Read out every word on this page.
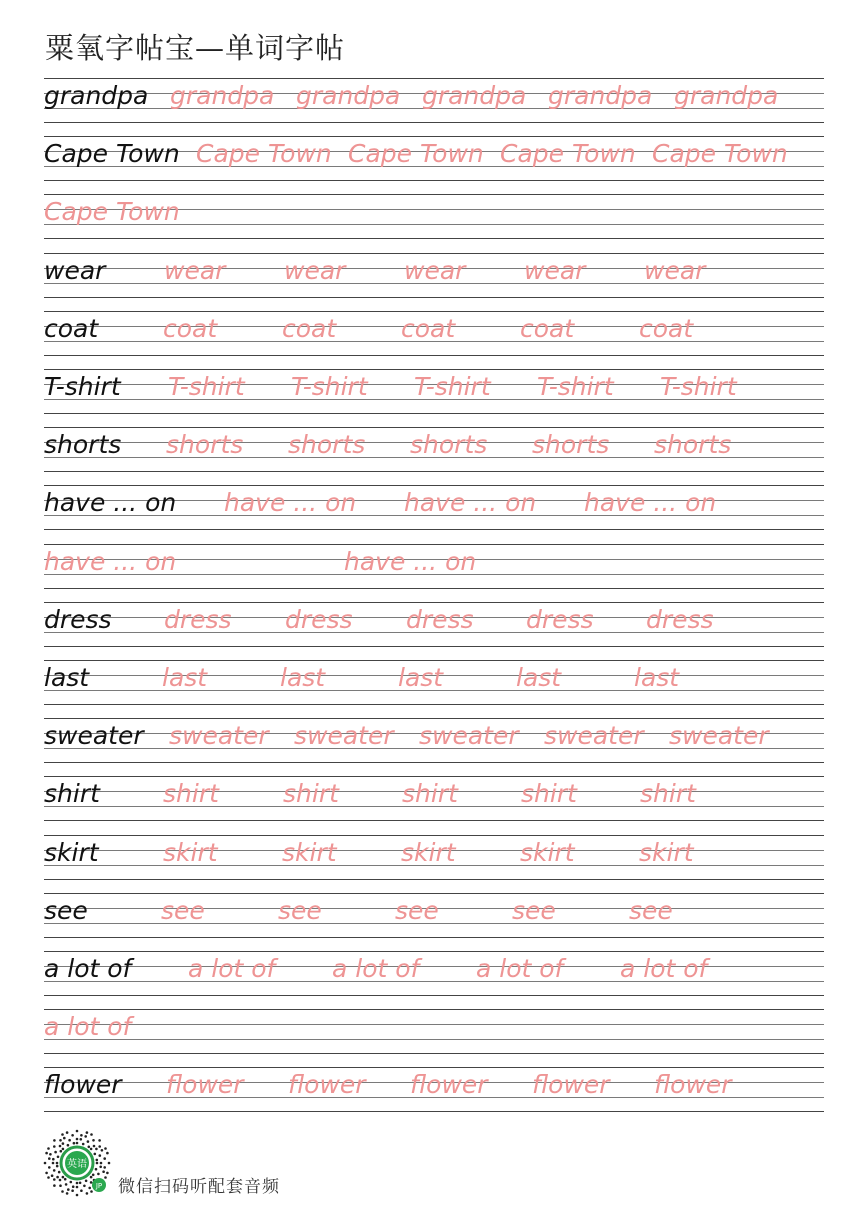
粟氧字帖宝—单词字帖
grandpa grandpa grandpa grandpa grandpa grandpa
Cape Town Cape Town Cape Town Cape Town Cape Town
Cape Town
wear wear wear wear wear wear
coat	coat	coat	coat	coat	coat
T-shirt T-shirt T-shirt T-shirt T-shirt T-shirt
shorts shorts shorts shorts shorts shorts
have ... on have ... on have ... on have ... on
have ... on	have ... on
dress dress dress dress dress dress
last	last	last	last	last	last
sweater sweater sweater sweater sweater sweater
shirt	shirt	shirt	shirt	shirt	shirt
skirt	skirt	skirt	skirt	skirt	skirt
see	see	see	see	see	see
a lot of a lot of a lot of a lot of a lot of
a lot of
flower flower flower flower flower flower
英语
JP 微信扫码听配套音频
